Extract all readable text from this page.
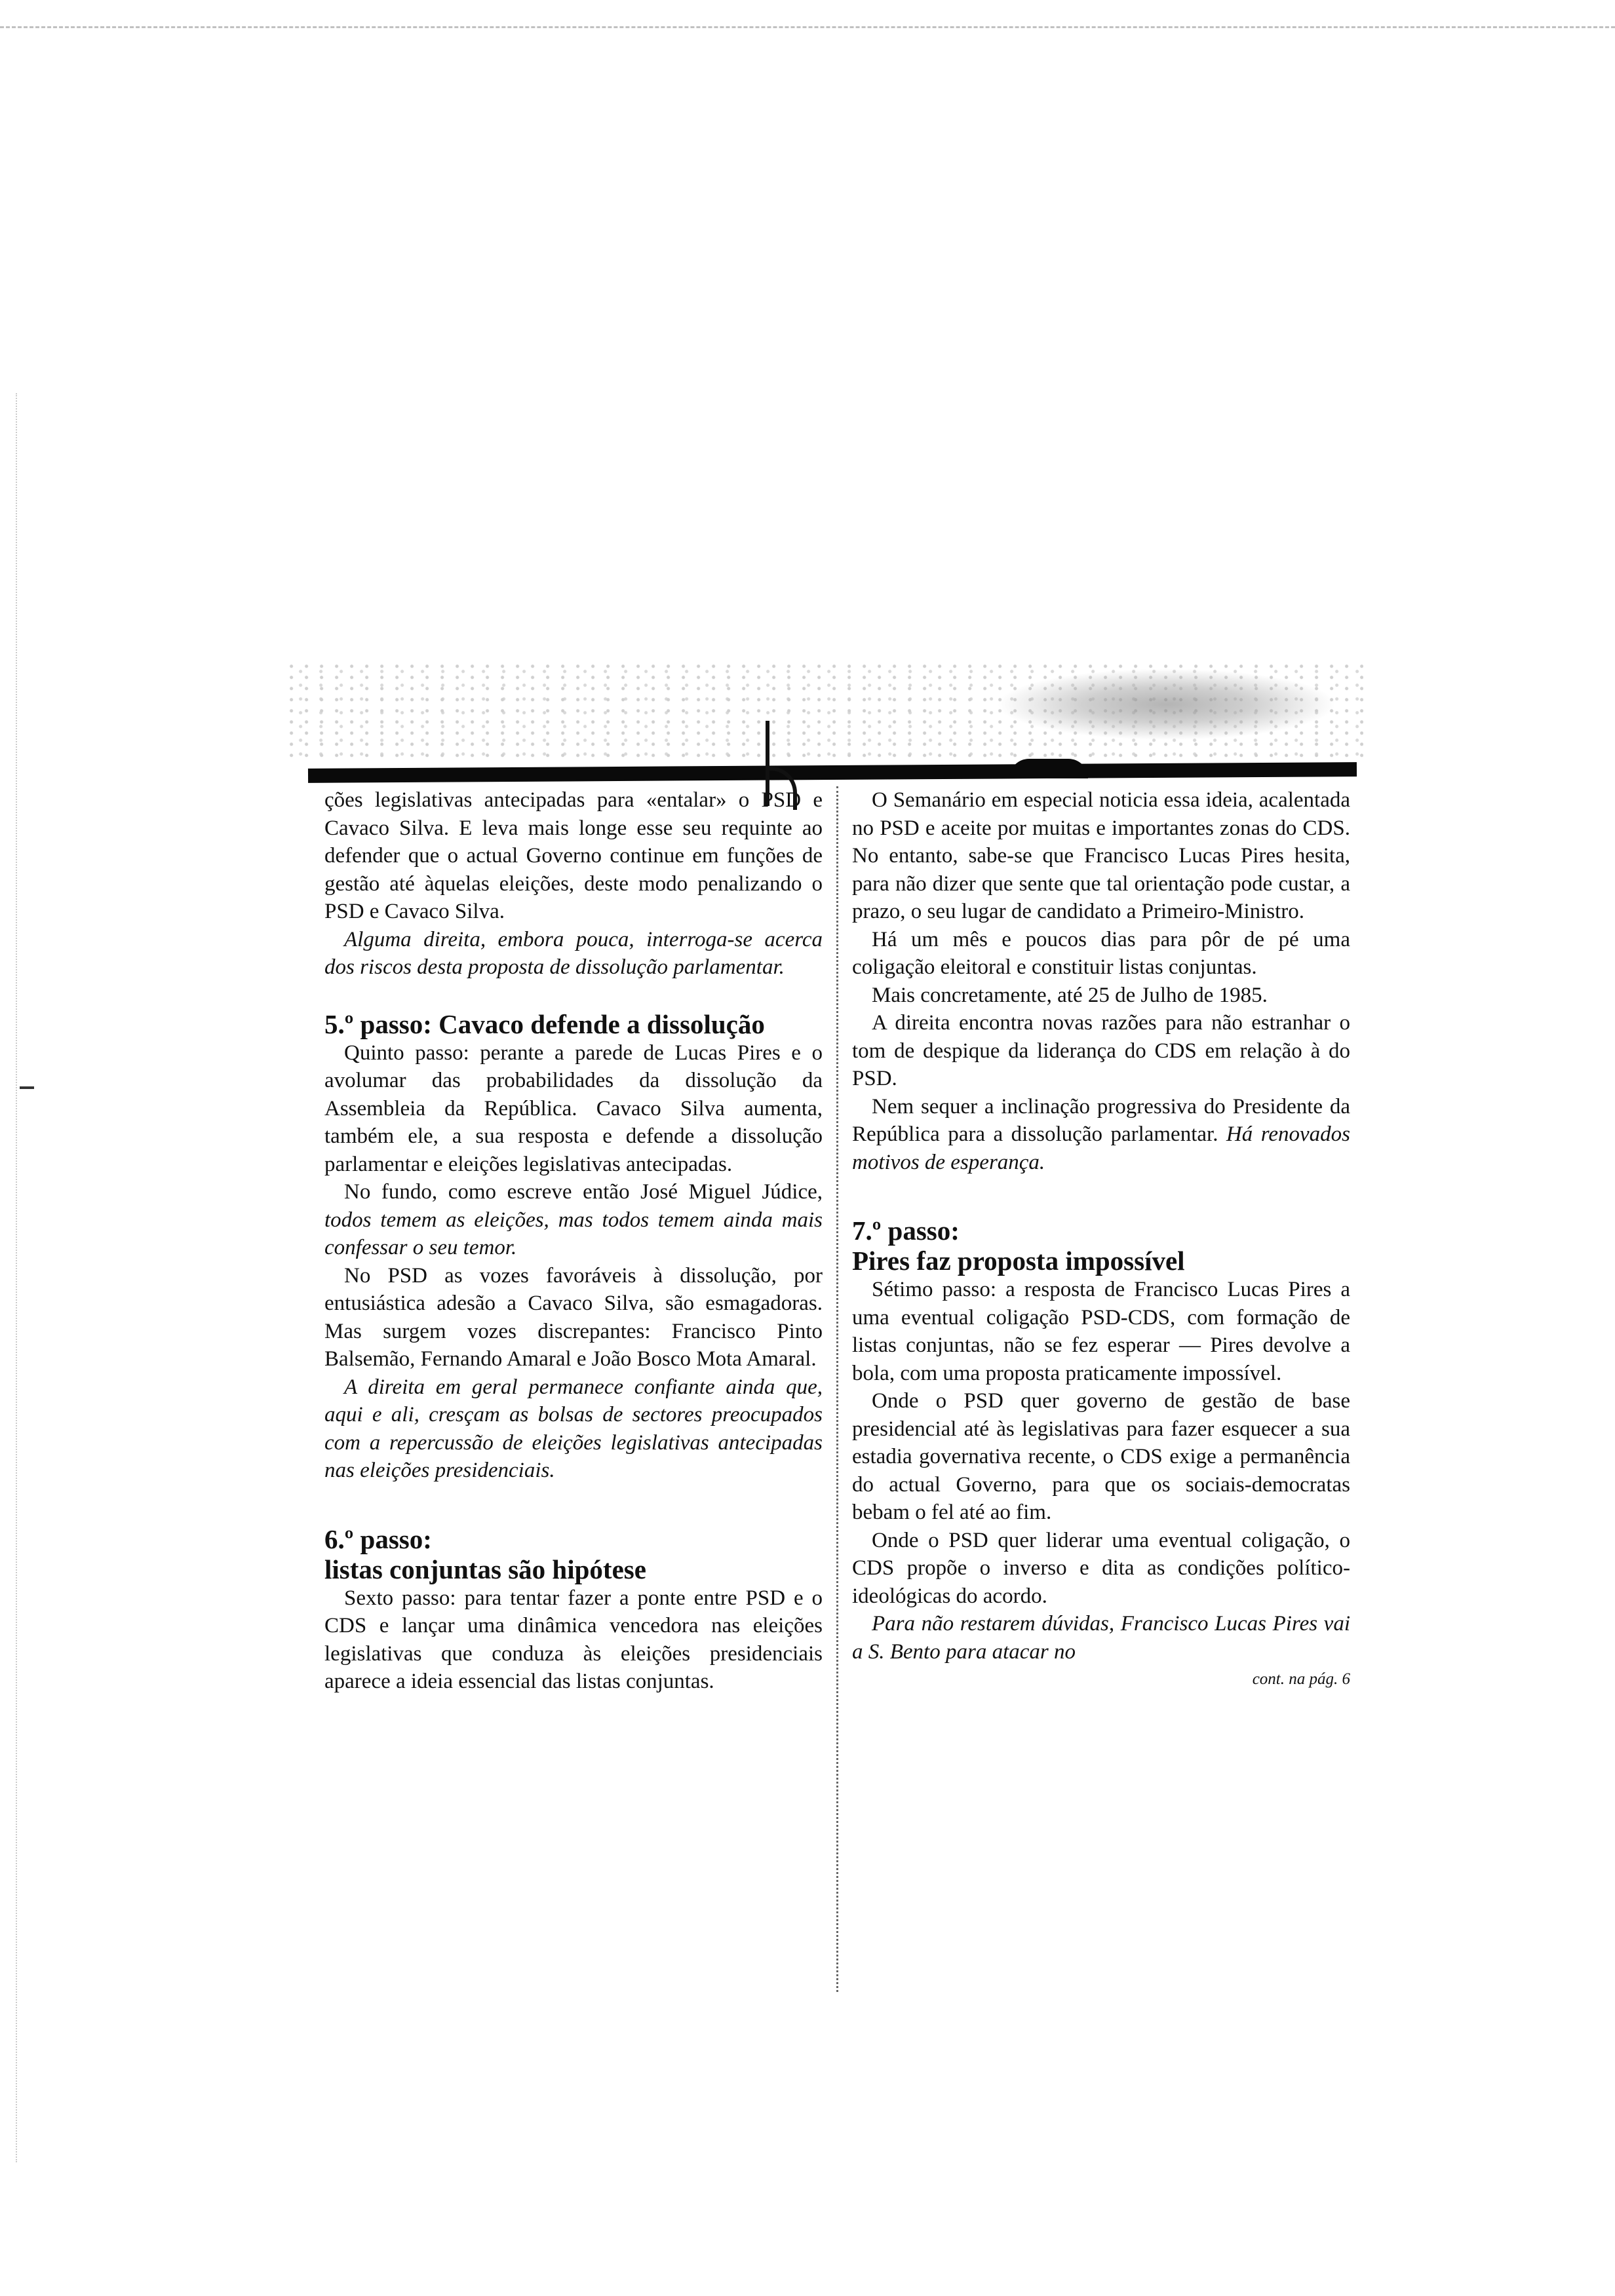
ções legislativas antecipadas para «entalar» o PSD e Cavaco Silva. E leva mais longe esse seu requinte ao defender que o actual Governo continue em funções de gestão até àquelas eleições, deste modo penalizando o PSD e Cavaco Silva.

Alguma direita, embora pouca, interroga-se acerca dos riscos desta proposta de dissolução parlamentar.

5.º passo: Cavaco defende a dissolução

Quinto passo: perante a parede de Lucas Pires e o avolumar das probabilidades da dissolução da Assembleia da República. Cavaco Silva aumenta, também ele, a sua resposta e defende a dissolução parlamentar e eleições legislativas antecipadas.

No fundo, como escreve então José Miguel Júdice, todos temem as eleições, mas todos temem ainda mais confessar o seu temor.

No PSD as vozes favoráveis à dissolução, por entusiástica adesão a Cavaco Silva, são esmagadoras. Mas surgem vozes discrepantes: Francisco Pinto Balsemão, Fernando Amaral e João Bosco Mota Amaral.

A direita em geral permanece confiante ainda que, aqui e ali, cresçam as bolsas de sectores preocupados com a repercussão de eleições legislativas antecipadas nas eleições presidenciais.

6.º passo:
listas conjuntas são hipótese

Sexto passo: para tentar fazer a ponte entre PSD e o CDS e lançar uma dinâmica vencedora nas eleições legislativas que conduza às eleições presidenciais aparece a ideia essencial das listas conjuntas.

O Semanário em especial noticia essa ideia, acalentada no PSD e aceite por muitas e importantes zonas do CDS. No entanto, sabe-se que Francisco Lucas Pires hesita, para não dizer que sente que tal orientação pode custar, a prazo, o seu lugar de candidato a Primeiro-Ministro.

Há um mês e poucos dias para pôr de pé uma coligação eleitoral e constituir listas conjuntas.

Mais concretamente, até 25 de Julho de 1985.

A direita encontra novas razões para não estranhar o tom de despique da liderança do CDS em relação à do PSD.

Nem sequer a inclinação progressiva do Presidente da República para a dissolução parlamentar. Há renovados motivos de esperança.

7.º passo:
Pires faz proposta impossível

Sétimo passo: a resposta de Francisco Lucas Pires a uma eventual coligação PSD-CDS, com formação de listas conjuntas, não se fez esperar — Pires devolve a bola, com uma proposta praticamente impossível.

Onde o PSD quer governo de gestão de base presidencial até às legislativas para fazer esquecer a sua estadia governativa recente, o CDS exige a permanência do actual Governo, para que os sociais-democratas bebam o fel até ao fim.

Onde o PSD quer liderar uma eventual coligação, o CDS propõe o inverso e dita as condições político-ideológicas do acordo.

Para não restarem dúvidas, Francisco Lucas Pires vai a S. Bento para atacar no

cont. na pág. 6
